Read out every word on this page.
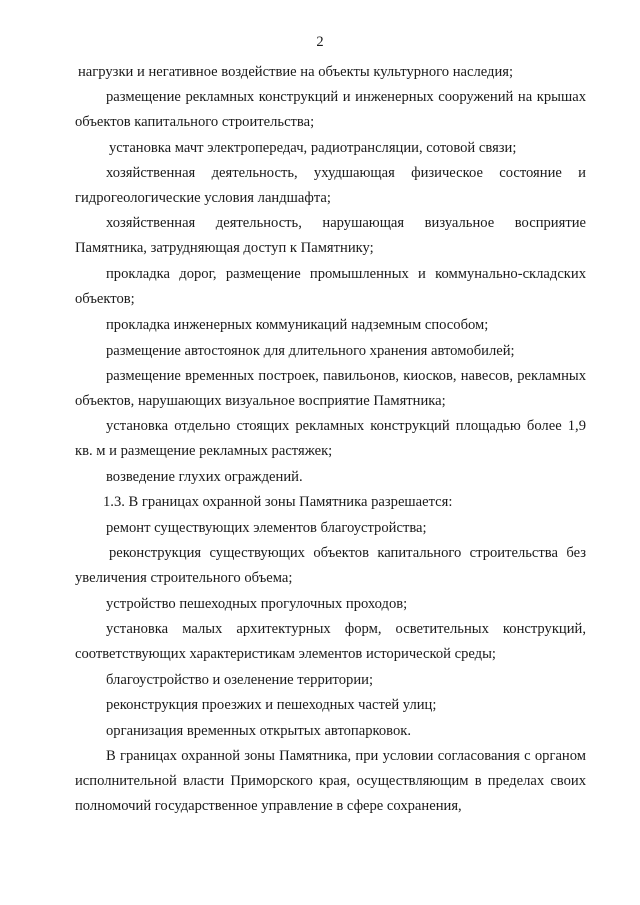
2

нагрузки и негативное воздействие на объекты культурного наследия;

размещение рекламных конструкций и инженерных сооружений на крышах объектов капитального строительства;

установка мачт электропередач, радиотрансляции, сотовой связи;

хозяйственная деятельность, ухудшающая физическое состояние и гидрогеологические условия ландшафта;

хозяйственная деятельность, нарушающая визуальное восприятие Памятника, затрудняющая доступ к Памятнику;

прокладка дорог, размещение промышленных и коммунально-складских объектов;

прокладка инженерных коммуникаций надземным способом;

размещение автостоянок для длительного хранения автомобилей;

размещение временных построек, павильонов, киосков, навесов, рекламных объектов, нарушающих визуальное восприятие Памятника;

установка отдельно стоящих рекламных конструкций площадью более 1,9 кв. м и размещение рекламных растяжек;

возведение глухих ограждений.

1.3. В границах охранной зоны Памятника разрешается:

ремонт существующих элементов благоустройства;

реконструкция существующих объектов капитального строительства без увеличения строительного объема;

устройство пешеходных прогулочных проходов;

установка малых архитектурных форм, осветительных конструкций, соответствующих характеристикам элементов исторической среды;

благоустройство и озеленение территории;

реконструкция проезжих и пешеходных частей улиц;

организация временных открытых автопарковок.

В границах охранной зоны Памятника, при условии согласования с органом исполнительной власти Приморского края, осуществляющим в пределах своих полномочий государственное управление в сфере сохранения,
